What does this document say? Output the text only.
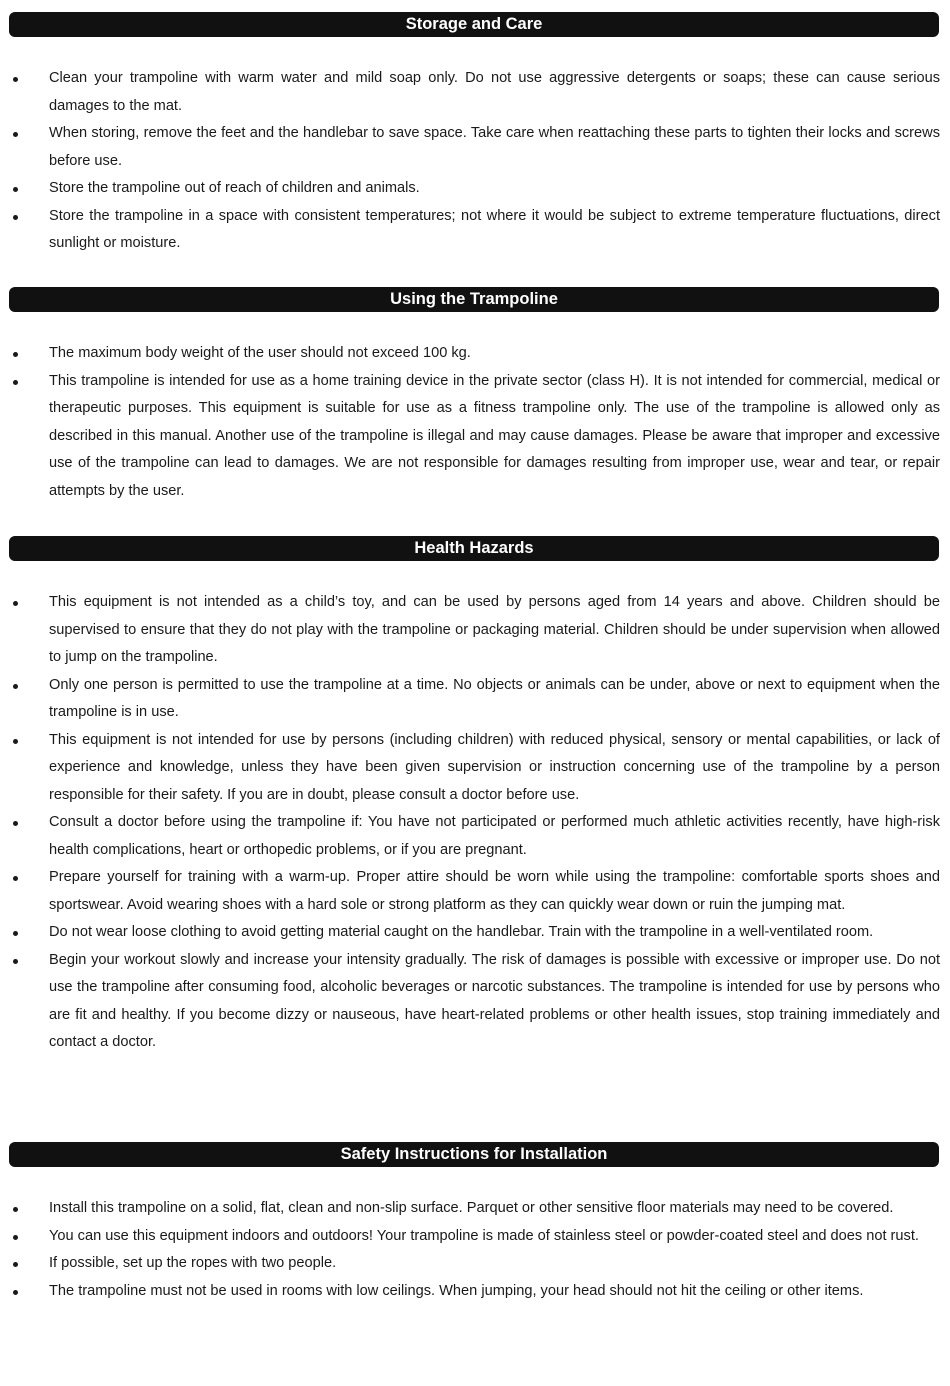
Storage and Care
Clean your trampoline with warm water and mild soap only. Do not use aggressive detergents or soaps; these can cause serious damages to the mat.
When storing, remove the feet and the handlebar to save space. Take care when reattaching these parts to tighten their locks and screws before use.
Store the trampoline out of reach of children and animals.
Store the trampoline in a space with consistent temperatures; not where it would be subject to extreme temperature fluctuations, direct sunlight or moisture.
Using the Trampoline
The maximum body weight of the user should not exceed 100 kg.
This trampoline is intended for use as a home training device in the private sector (class H). It is not intended for commercial, medical or therapeutic purposes. This equipment is suitable for use as a fitness trampoline only. The use of the trampoline is allowed only as described in this manual. Another use of the trampoline is illegal and may cause damages. Please be aware that improper and excessive use of the trampoline can lead to damages. We are not responsible for damages resulting from improper use, wear and tear, or repair attempts by the user.
Health Hazards
This equipment is not intended as a child’s toy, and can be used by persons aged from 14 years and above. Children should be supervised to ensure that they do not play with the trampoline or packaging material. Children should be under supervision when allowed to jump on the trampoline.
Only one person is permitted to use the trampoline at a time. No objects or animals can be under, above or next to equipment when the trampoline is in use.
This equipment is not intended for use by persons (including children) with reduced physical, sensory or mental capabilities, or lack of experience and knowledge, unless they have been given supervision or instruction concerning use of the trampoline by a person responsible for their safety. If you are in doubt, please consult a doctor before use.
Consult a doctor before using the trampoline if: You have not participated or performed much athletic activities recently, have high-risk health complications, heart or orthopedic problems, or if you are pregnant.
Prepare yourself for training with a warm-up. Proper attire should be worn while using the trampoline: comfortable sports shoes and sportswear. Avoid wearing shoes with a hard sole or strong platform as they can quickly wear down or ruin the jumping mat.
Do not wear loose clothing to avoid getting material caught on the handlebar. Train with the trampoline in a well-ventilated room.
Begin your workout slowly and increase your intensity gradually. The risk of damages is possible with excessive or improper use. Do not use the trampoline after consuming food, alcoholic beverages or narcotic substances. The trampoline is intended for use by persons who are fit and healthy. If you become dizzy or nauseous, have heart-related problems or other health issues, stop training immediately and contact a doctor.
Safety Instructions for Installation
Install this trampoline on a solid, flat, clean and non-slip surface. Parquet or other sensitive floor materials may need to be covered.
You can use this equipment indoors and outdoors! Your trampoline is made of stainless steel or powder-coated steel and does not rust.
If possible, set up the ropes with two people.
The trampoline must not be used in rooms with low ceilings. When jumping, your head should not hit the ceiling or other items.
